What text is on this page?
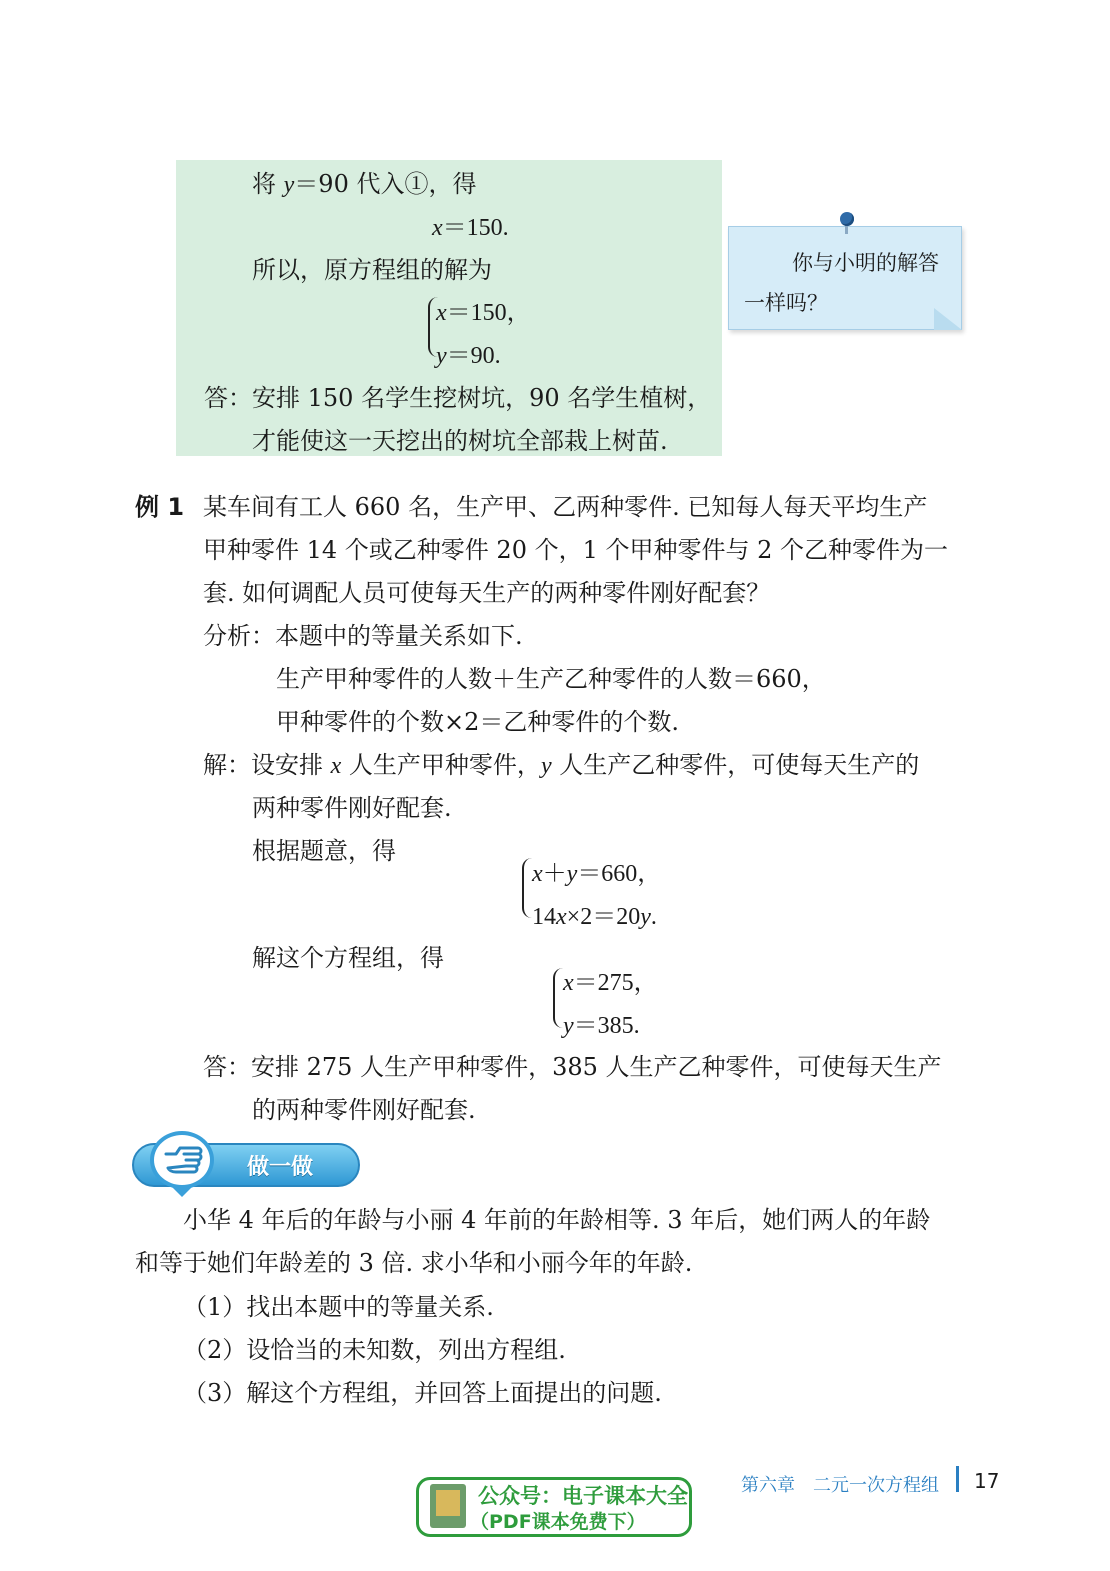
将 y＝90 代入①，得
x＝150.
所以，原方程组的解为
x＝150，
y＝90.
答：安排 150 名学生挖树坑，90 名学生植树，
才能使这一天挖出的树坑全部栽上树苗.
你与小明的解答
一样吗？
例 1 某车间有工人 660 名，生产甲、乙两种零件. 已知每人每天平均生产
甲种零件 14 个或乙种零件 20 个，1 个甲种零件与 2 个乙种零件为一
套. 如何调配人员可使每天生产的两种零件刚好配套？
分析：本题中的等量关系如下.
生产甲种零件的人数＋生产乙种零件的人数＝660，
甲种零件的个数×2＝乙种零件的个数.
解：设安排 x 人生产甲种零件，y 人生产乙种零件，可使每天生产的
两种零件刚好配套.
根据题意，得
x＋y＝660，
14x×2＝20y.
解这个方程组，得
x＝275，
y＝385.
答：安排 275 人生产甲种零件，385 人生产乙种零件，可使每天生产
的两种零件刚好配套.
做一做
小华 4 年后的年龄与小丽 4 年前的年龄相等. 3 年后，她们两人的年龄
和等于她们年龄差的 3 倍. 求小华和小丽今年的年龄.
（1）找出本题中的等量关系.
（2）设恰当的未知数，列出方程组.
（3）解这个方程组，并回答上面提出的问题.
第六章　二元一次方程组 17
公众号：电子课本大全
（PDF课本免费下）
